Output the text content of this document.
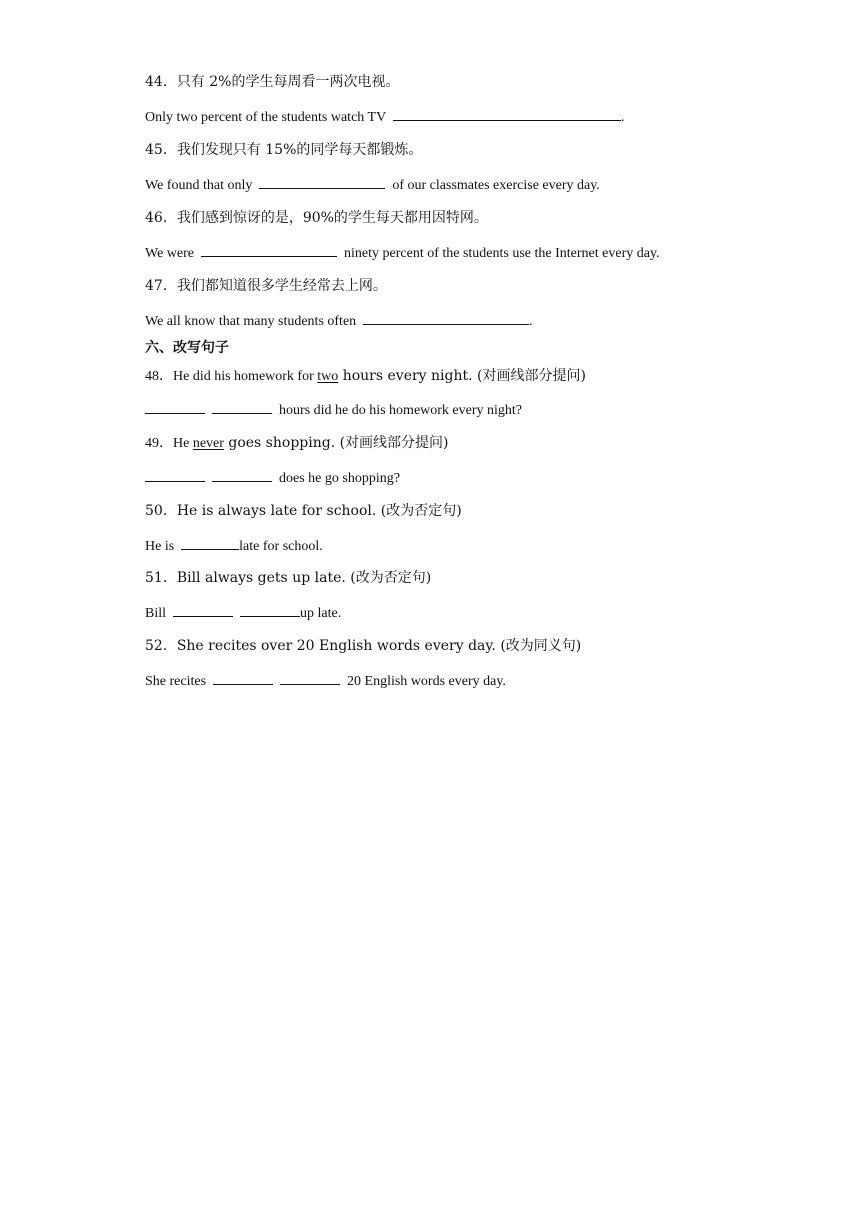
44．只有 2%的学生每周看一两次电视。
Only two percent of the students watch TV	.
45．我们发现只有 15%的同学每天都锻炼。
We found that only	of our classmates exercise every day.
46．我们感到惊讶的是，90%的学生每天都用因特网。
We were	ninety percent of the students use the Internet every day.
47．我们都知道很多学生经常去上网。
We all know that many students often	.
六、改写句子
48．He did his homework for two hours every night. (对画线部分提问)
hours did he do his homework every night?
49．He never goes shopping. (对画线部分提问)
does he go shopping?
50．He is always late for school. (改为否定句)
He is	late for school.
51．Bill always gets up late. (改为否定句)
Bill	up late.
52．She recites over 20 English words every day. (改为同义句)
She recites	20 English words every day.
